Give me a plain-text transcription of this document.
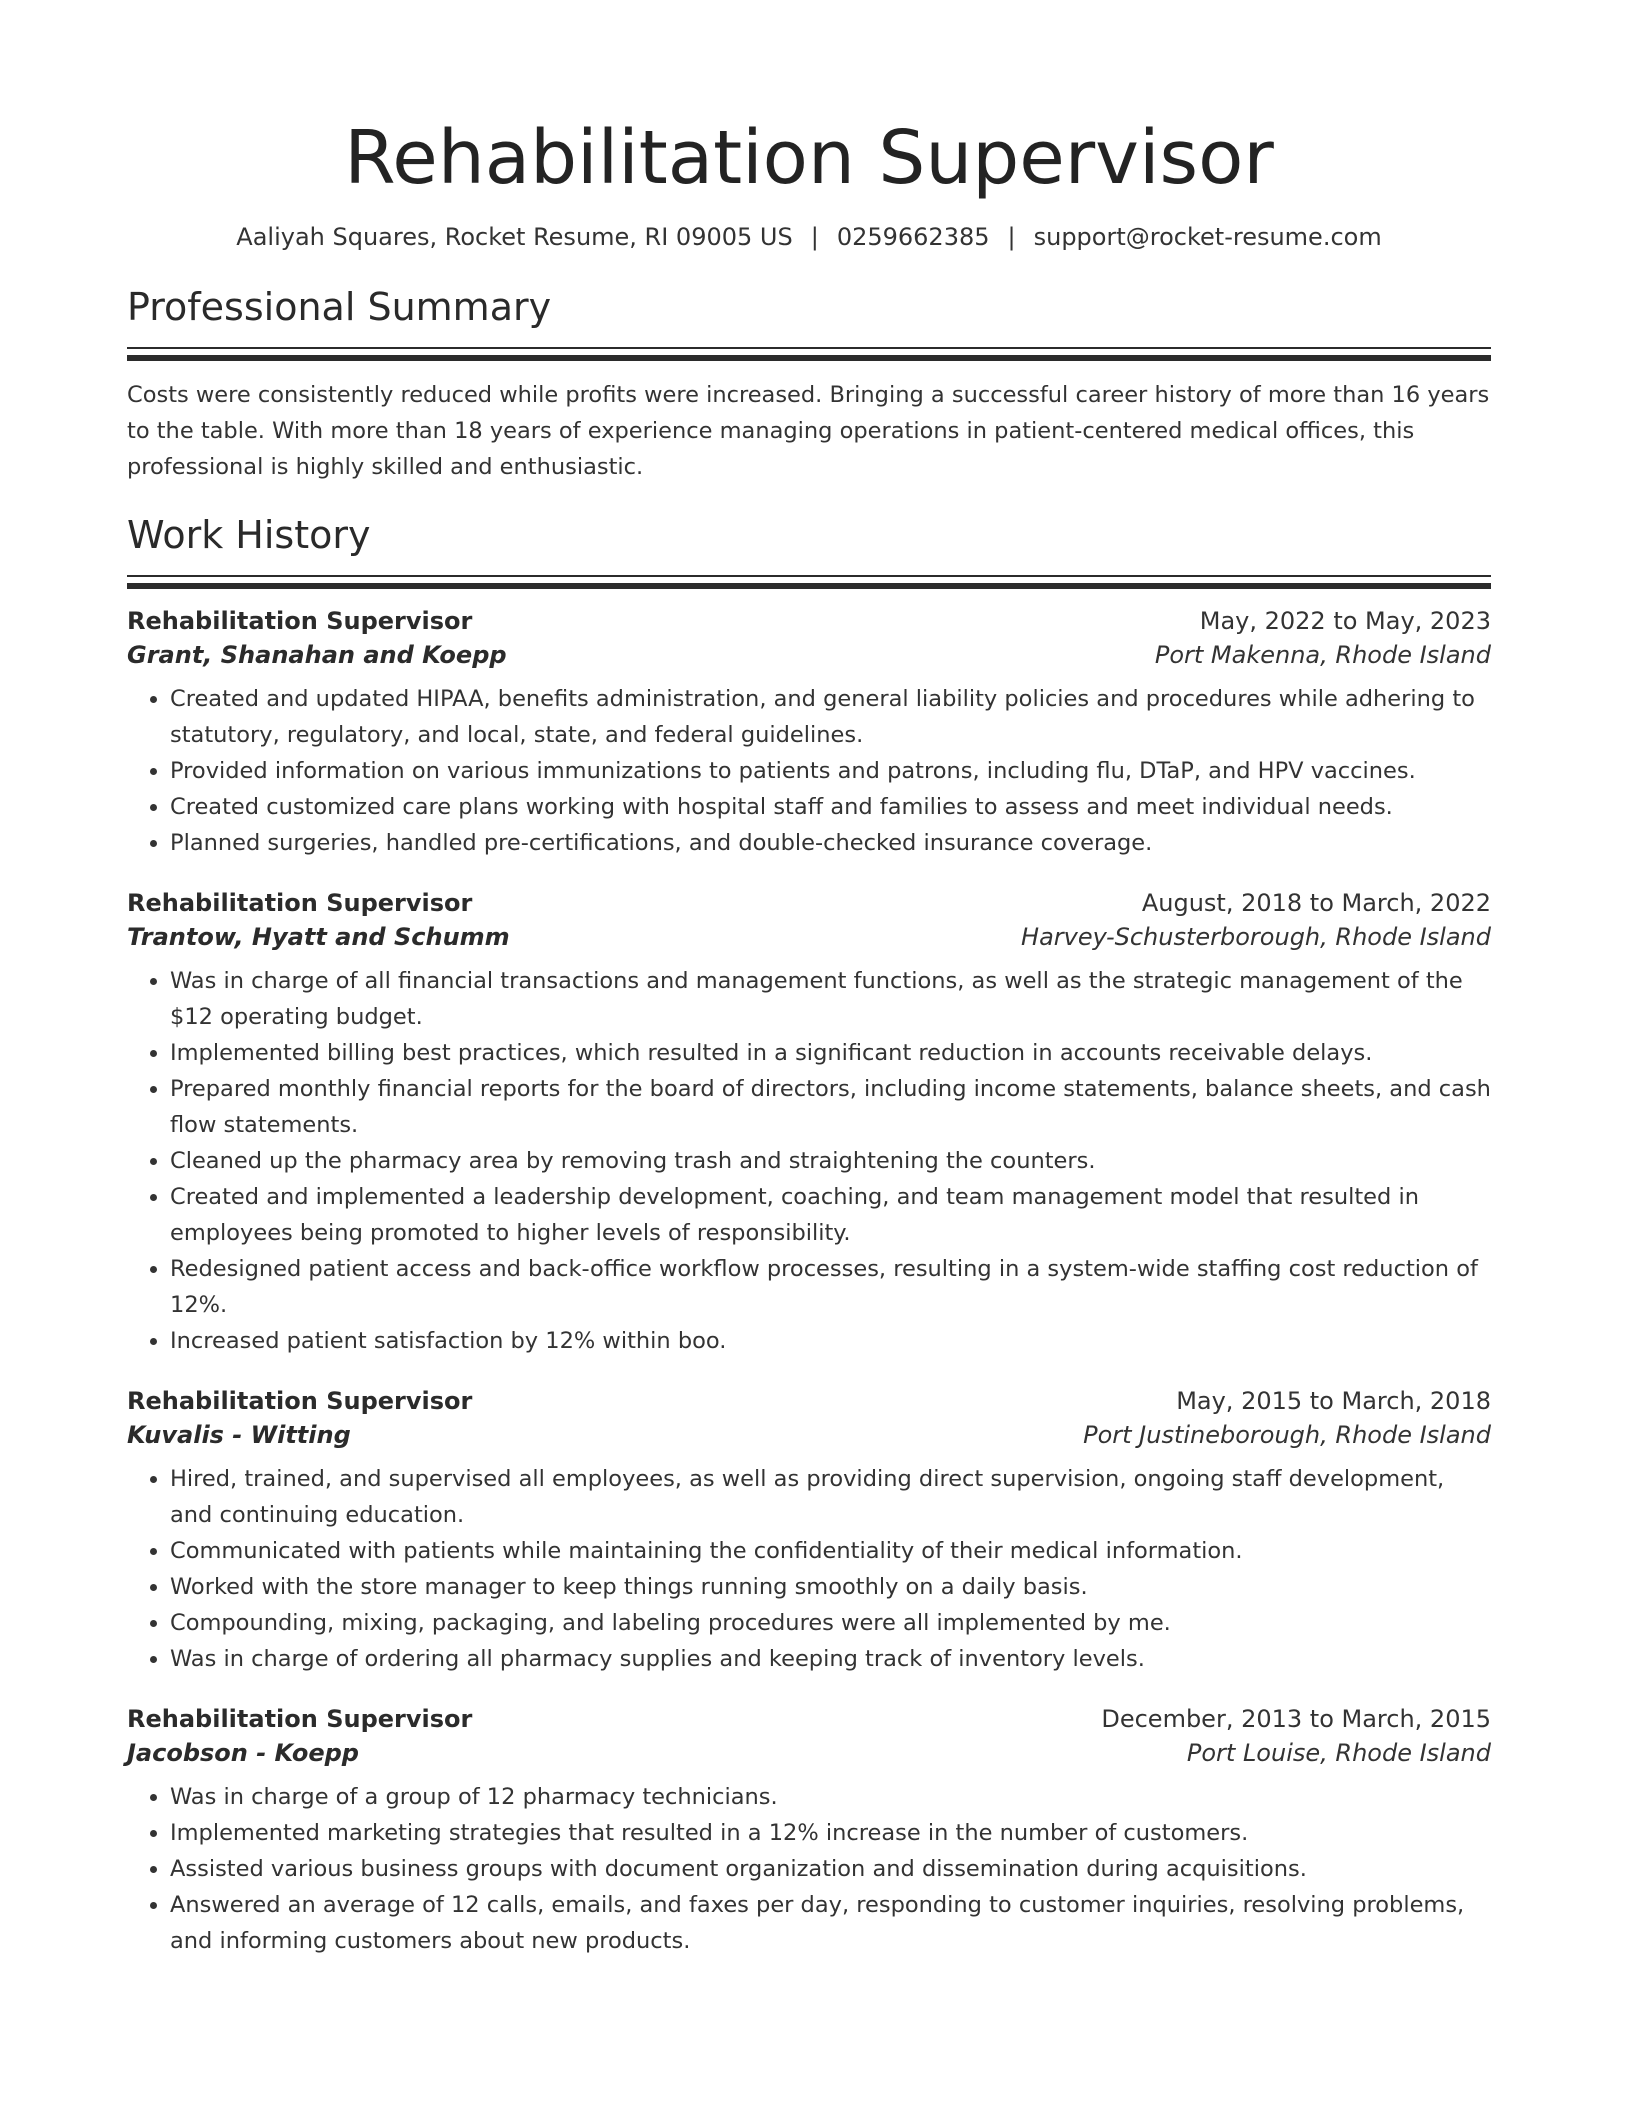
Rehabilitation Supervisor
Aaliyah Squares, Rocket Resume, RI 09005 US | 0259662385 | support@rocket-resume.com
Professional Summary
Costs were consistently reduced while profits were increased. Bringing a successful career history of more than 16 years to the table. With more than 18 years of experience managing operations in patient-centered medical offices, this professional is highly skilled and enthusiastic.
Work History
Rehabilitation Supervisor	May, 2022 to May, 2023
Grant, Shanahan and Koepp	Port Makenna, Rhode Island
• Created and updated HIPAA, benefits administration, and general liability policies and procedures while adhering to statutory, regulatory, and local, state, and federal guidelines.
• Provided information on various immunizations to patients and patrons, including flu, DTaP, and HPV vaccines.
• Created customized care plans working with hospital staff and families to assess and meet individual needs.
• Planned surgeries, handled pre-certifications, and double-checked insurance coverage.
Rehabilitation Supervisor	August, 2018 to March, 2022
Trantow, Hyatt and Schumm	Harvey-Schusterborough, Rhode Island
• Was in charge of all financial transactions and management functions, as well as the strategic management of the $12 operating budget.
• Implemented billing best practices, which resulted in a significant reduction in accounts receivable delays.
• Prepared monthly financial reports for the board of directors, including income statements, balance sheets, and cash flow statements.
• Cleaned up the pharmacy area by removing trash and straightening the counters.
• Created and implemented a leadership development, coaching, and team management model that resulted in employees being promoted to higher levels of responsibility.
• Redesigned patient access and back-office workflow processes, resulting in a system-wide staffing cost reduction of 12%.
• Increased patient satisfaction by 12% within boo.
Rehabilitation Supervisor	May, 2015 to March, 2018
Kuvalis - Witting	Port Justineborough, Rhode Island
• Hired, trained, and supervised all employees, as well as providing direct supervision, ongoing staff development, and continuing education.
• Communicated with patients while maintaining the confidentiality of their medical information.
• Worked with the store manager to keep things running smoothly on a daily basis.
• Compounding, mixing, packaging, and labeling procedures were all implemented by me.
• Was in charge of ordering all pharmacy supplies and keeping track of inventory levels.
Rehabilitation Supervisor	December, 2013 to March, 2015
Jacobson - Koepp	Port Louise, Rhode Island
• Was in charge of a group of 12 pharmacy technicians.
• Implemented marketing strategies that resulted in a 12% increase in the number of customers.
• Assisted various business groups with document organization and dissemination during acquisitions.
• Answered an average of 12 calls, emails, and faxes per day, responding to customer inquiries, resolving problems, and informing customers about new products.
